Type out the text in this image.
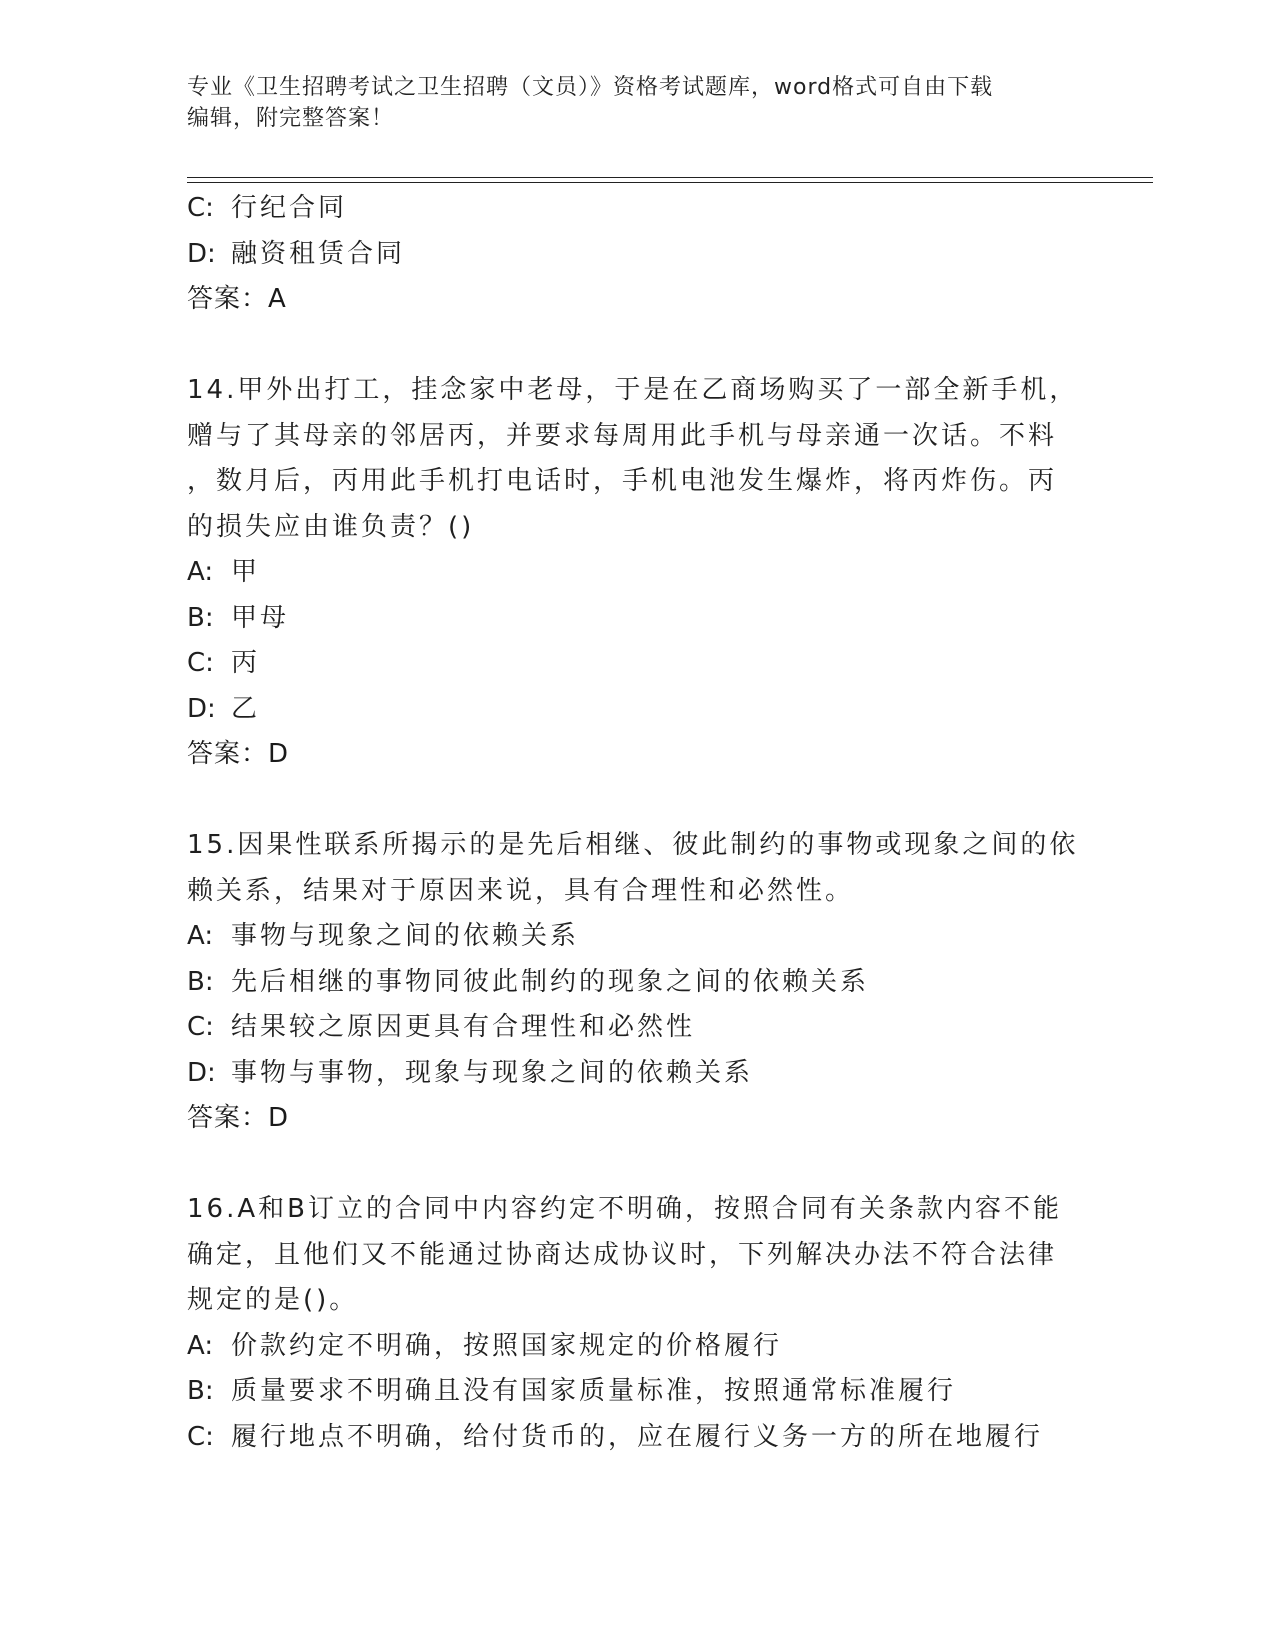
专业《卫生招聘考试之卫生招聘（文员）》资格考试题库，word格式可自由下载
编辑，附完整答案！
C: 行纪合同
D: 融资租赁合同
答案：A
14.甲外出打工，挂念家中老母，于是在乙商场购买了一部全新手机，
赠与了其母亲的邻居丙，并要求每周用此手机与母亲通一次话。不料
，数月后，丙用此手机打电话时，手机电池发生爆炸，将丙炸伤。丙
的损失应由谁负责？()
A: 甲
B: 甲母
C: 丙
D: 乙
答案：D
15.因果性联系所揭示的是先后相继、彼此制约的事物或现象之间的依
赖关系，结果对于原因来说，具有合理性和必然性。
A: 事物与现象之间的依赖关系
B: 先后相继的事物同彼此制约的现象之间的依赖关系
C: 结果较之原因更具有合理性和必然性
D: 事物与事物，现象与现象之间的依赖关系
答案：D
16.A和B订立的合同中内容约定不明确，按照合同有关条款内容不能
确定，且他们又不能通过协商达成协议时，下列解决办法不符合法律
规定的是()。
A: 价款约定不明确，按照国家规定的价格履行
B: 质量要求不明确且没有国家质量标准，按照通常标准履行
C: 履行地点不明确，给付货币的，应在履行义务一方的所在地履行
